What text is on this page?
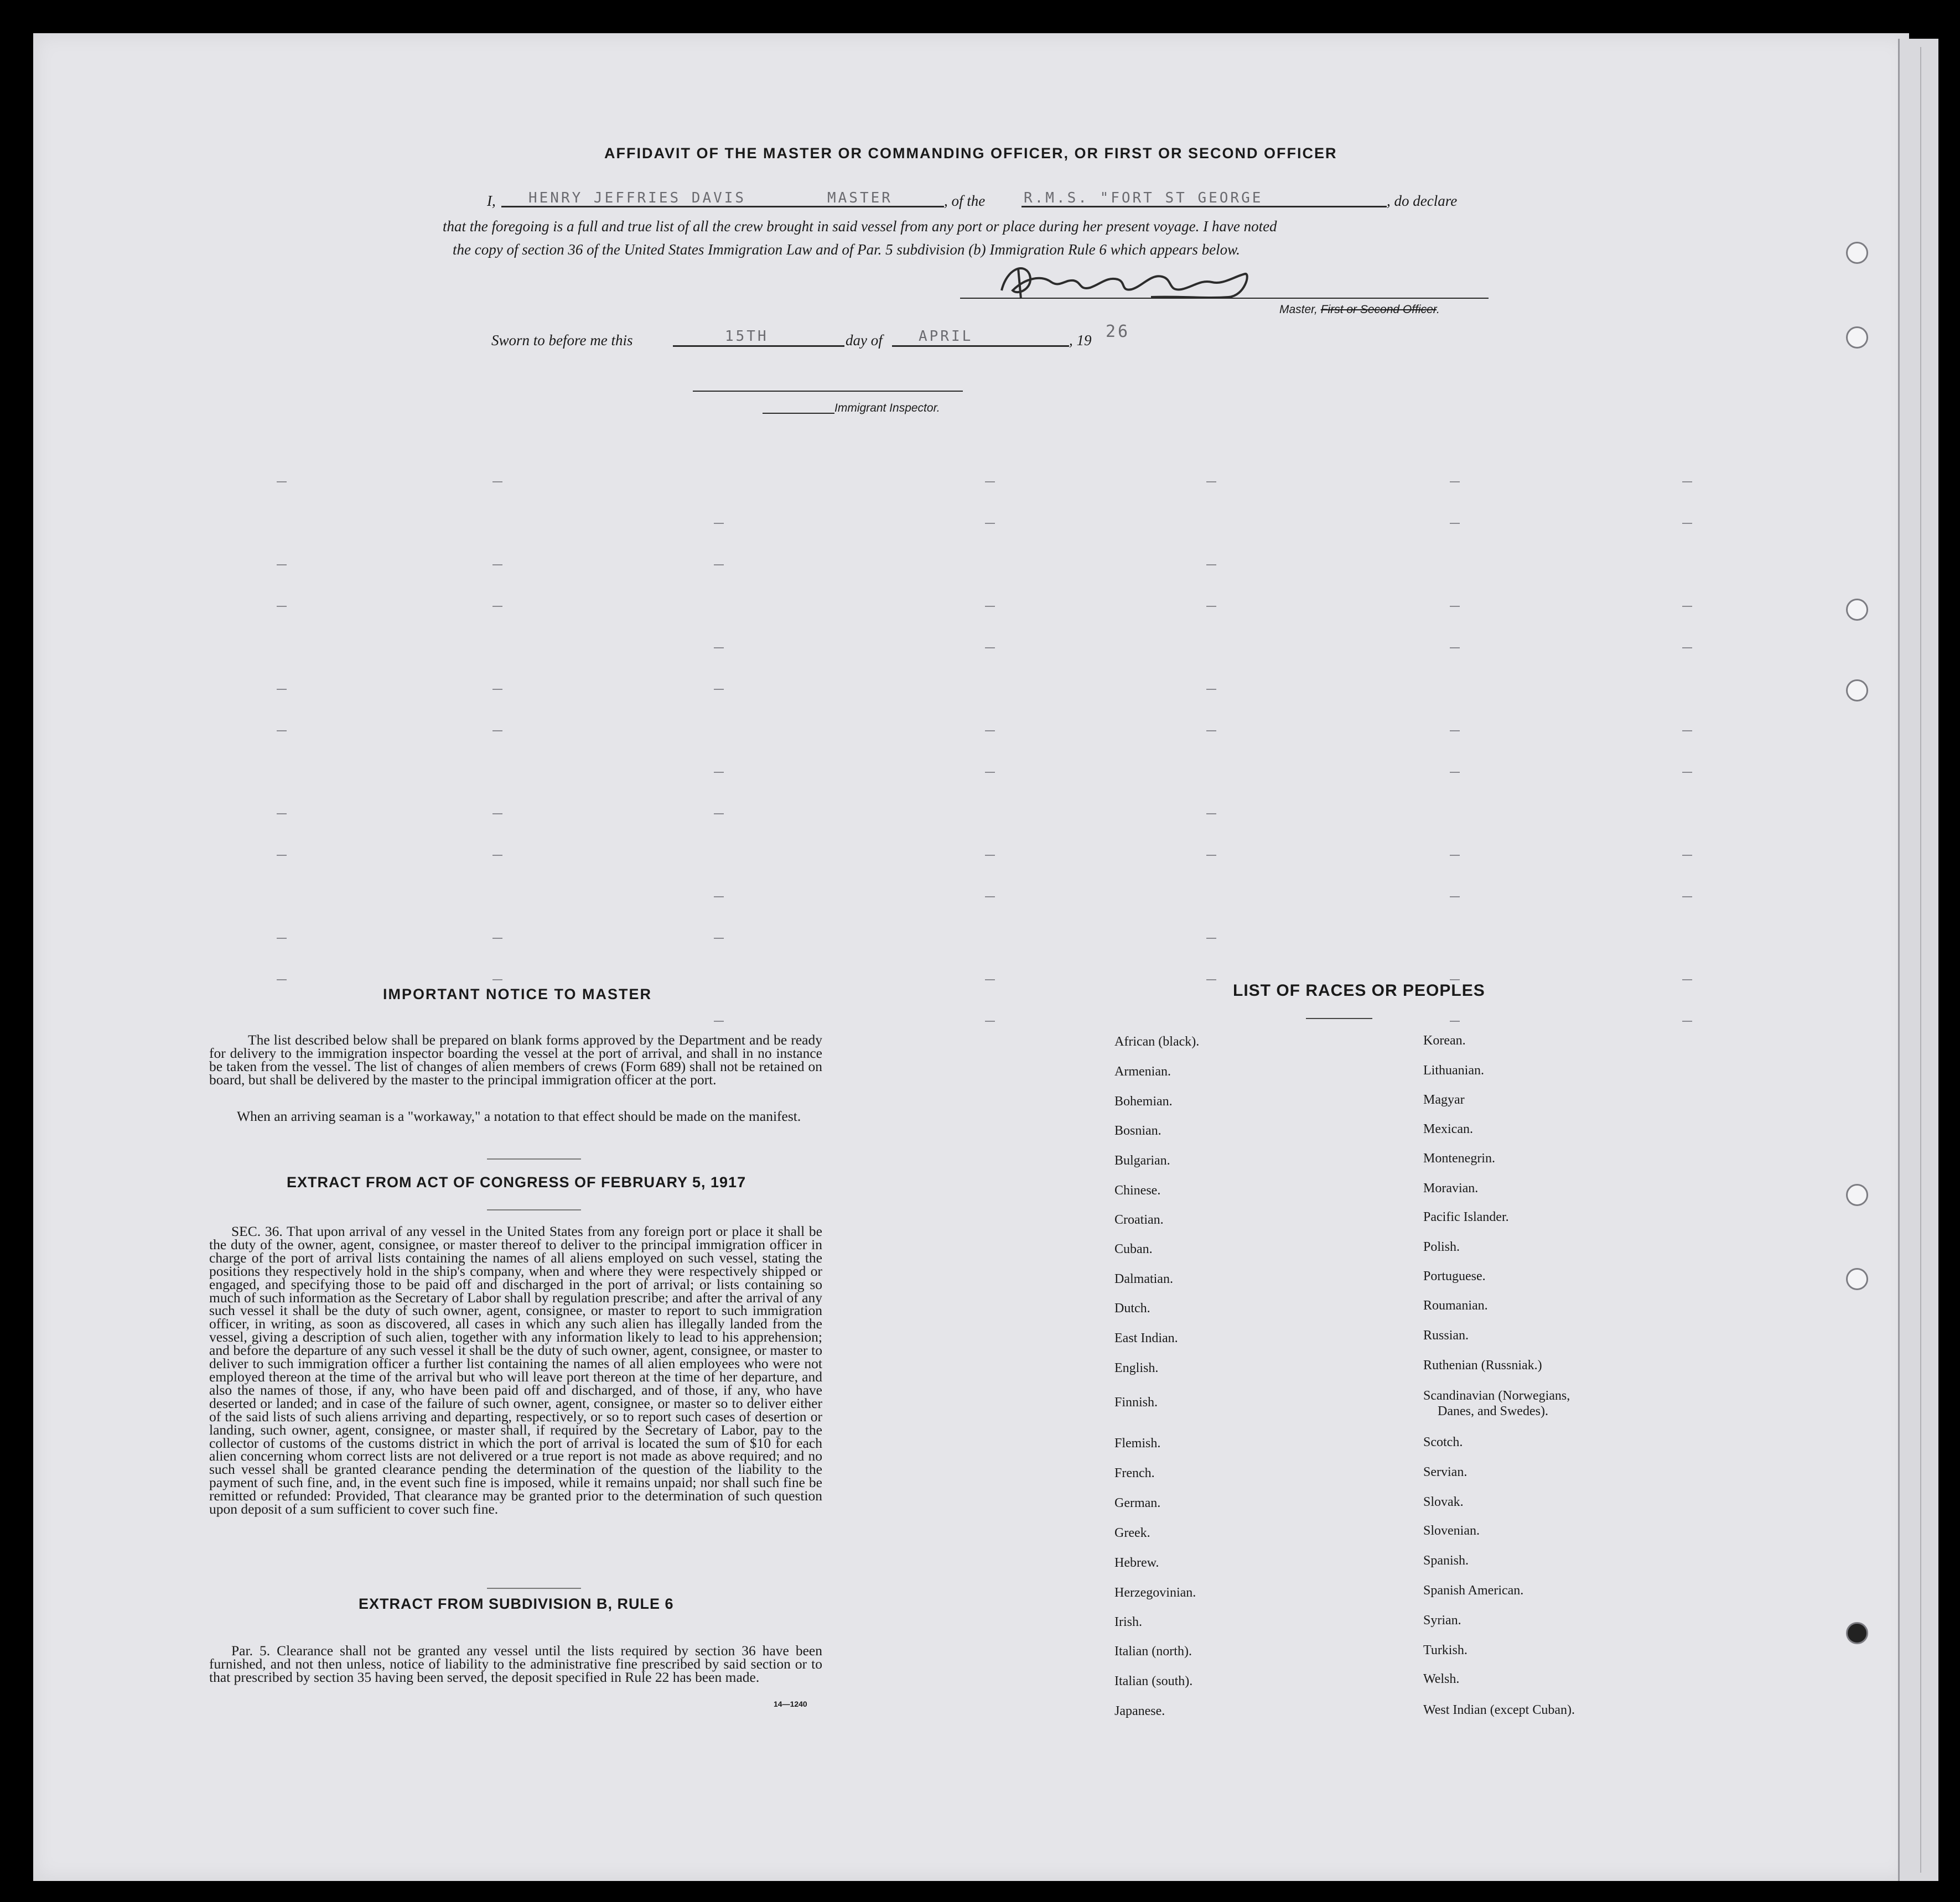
AFFIDAVIT OF THE MASTER OR COMMANDING OFFICER, OR FIRST OR SECOND OFFICER
I, HENRY JEFFRIES DAVIS	MASTER	, of the	R.M.S. "FORT ST GEORGE	, do declare
that the foregoing is a full and true list of all the crew brought in said vessel from any port or place during her present voyage. I have noted
the copy of section 36 of the United States Immigration Law and of Par. 5 subdivision (b) Immigration Rule 6 which appears below.
Master, First or Second Officer.
Sworn to before me this	15TH	day of	APRIL	, 19 26
Immigrant Inspector.
IMPORTANT NOTICE TO MASTER
The list described below shall be prepared on blank forms approved by the Department and be ready for delivery to the immigration inspector boarding the vessel at the port of arrival, and shall in no instance be taken from the vessel. The list of changes of alien members of crews (Form 689) shall not be retained on board, but shall be delivered by the master to the principal immigration officer at the port.
When an arriving seaman is a "workaway," a notation to that effect should be made on the manifest.
EXTRACT FROM ACT OF CONGRESS OF FEBRUARY 5, 1917
SEC. 36. That upon arrival of any vessel in the United States from any foreign port or place it shall be the duty of the owner, agent, consignee, or master thereof to deliver to the principal immigration officer in charge of the port of arrival lists containing the names of all aliens employed on such vessel, stating the positions they respectively hold in the ship's company, when and where they were respectively shipped or engaged, and specifying those to be paid off and discharged in the port of arrival; or lists containing so much of such information as the Secretary of Labor shall by regulation prescribe; and after the arrival of any such vessel it shall be the duty of such owner, agent, consignee, or master to report to such immigration officer, in writing, as soon as discovered, all cases in which any such alien has illegally landed from the vessel, giving a description of such alien, together with any information likely to lead to his apprehension; and before the departure of any such vessel it shall be the duty of such owner, agent, consignee, or master to deliver to such immigration officer a further list containing the names of all alien employees who were not employed thereon at the time of the arrival but who will leave port thereon at the time of her departure, and also the names of those, if any, who have been paid off and discharged, and of those, if any, who have deserted or landed; and in case of the failure of such owner, agent, consignee, or master so to deliver either of the said lists of such aliens arriving and departing, respectively, or so to report such cases of desertion or landing, such owner, agent, consignee, or master shall, if required by the Secretary of Labor, pay to the collector of customs of the customs district in which the port of arrival is located the sum of $10 for each alien concerning whom correct lists are not delivered or a true report is not made as above required; and no such vessel shall be granted clearance pending the determination of the question of the liability to the payment of such fine, and, in the event such fine is imposed, while it remains unpaid; nor shall such fine be remitted or refunded: Provided, That clearance may be granted prior to the determination of such question upon deposit of a sum sufficient to cover such fine.
EXTRACT FROM SUBDIVISION B, RULE 6
Par. 5. Clearance shall not be granted any vessel until the lists required by section 36 have been furnished, and not then unless, notice of liability to the administrative fine prescribed by said section or to that prescribed by section 35 having been served, the deposit specified in Rule 22 has been made.
14—1240
LIST OF RACES OR PEOPLES
African (black).
Armenian.
Bohemian.
Bosnian.
Bulgarian.
Chinese.
Croatian.
Cuban.
Dalmatian.
Dutch.
East Indian.
English.
Finnish.
Flemish.
French.
German.
Greek.
Hebrew.
Herzegovinian.
Irish.
Italian (north).
Italian (south).
Japanese.
Korean.
Lithuanian.
Magyar
Mexican.
Montenegrin.
Moravian.
Pacific Islander.
Polish.
Portuguese.
Roumanian.
Russian.
Ruthenian (Russniak.)
Scandinavian (Norwegians,
Danes, and Swedes).
Scotch.
Servian.
Slovak.
Slovenian.
Spanish.
Spanish American.
Syrian.
Turkish.
Welsh.
West Indian (except Cuban).
